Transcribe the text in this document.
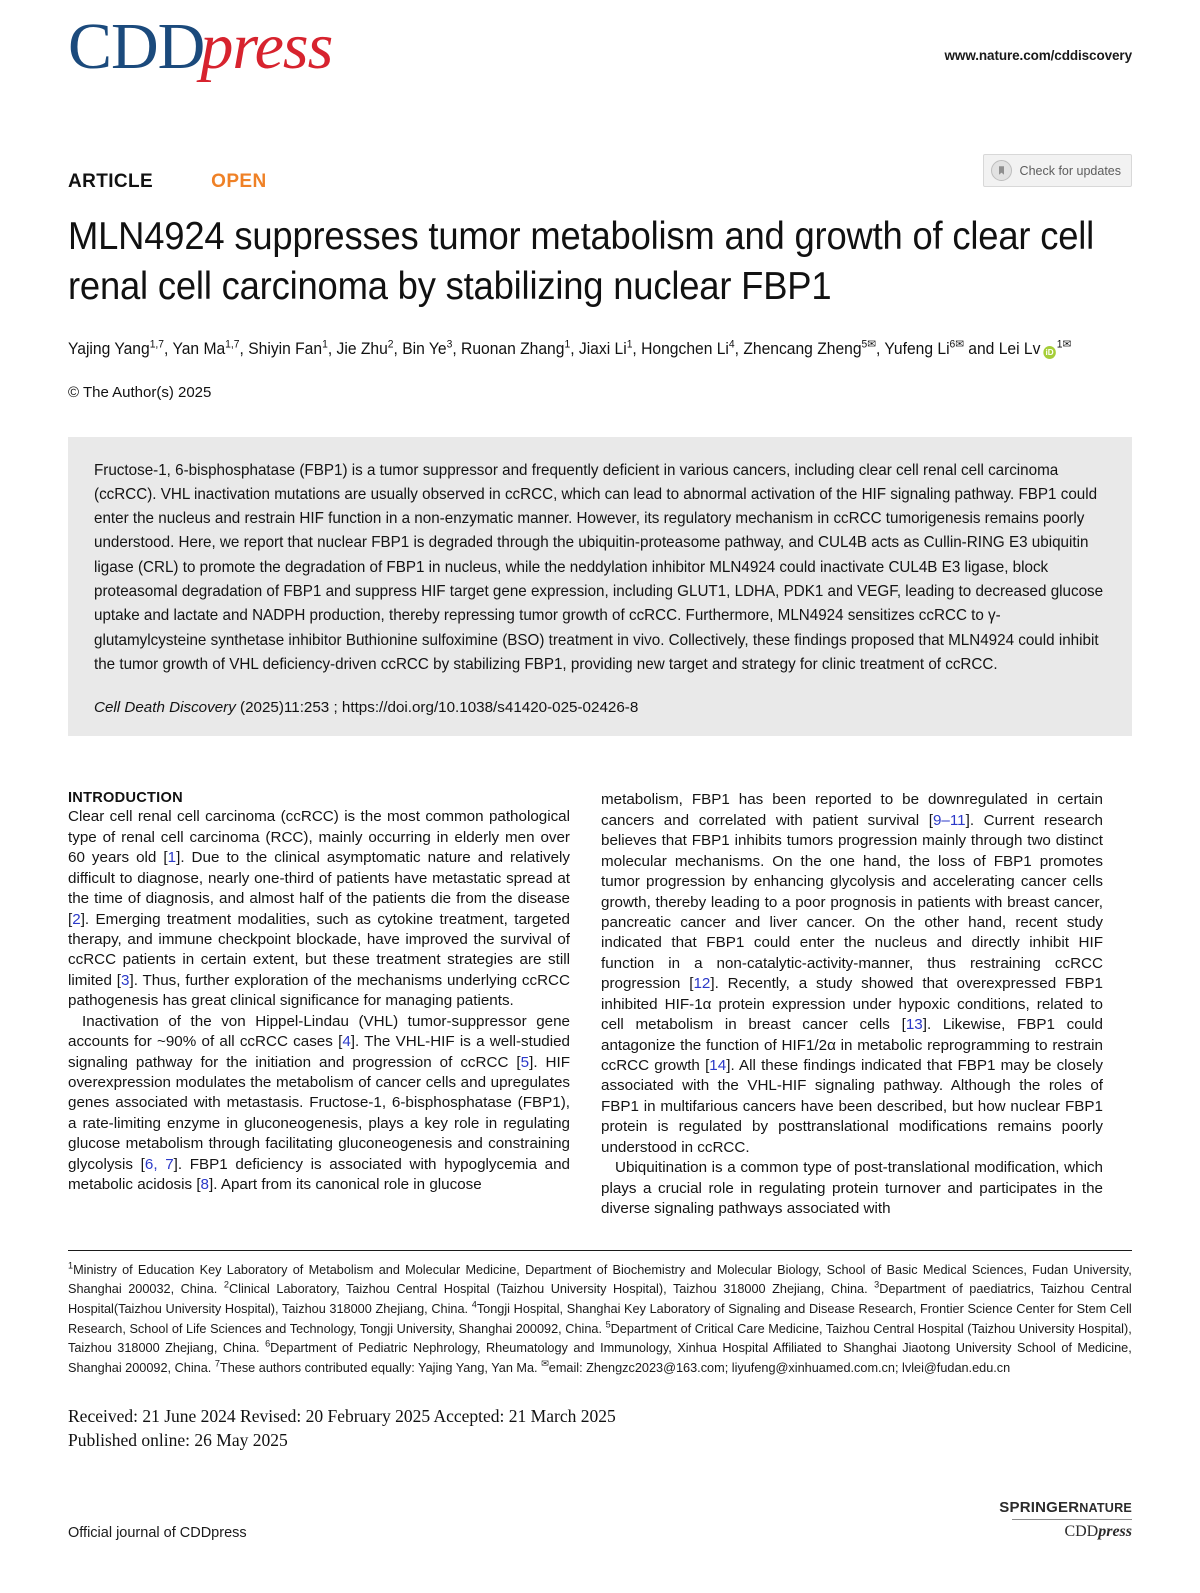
CDDpress	www.nature.com/cddiscovery
ARTICLE	OPEN
Check for updates
MLN4924 suppresses tumor metabolism and growth of clear cell renal cell carcinoma by stabilizing nuclear FBP1
Yajing Yang$^{1,7}$, Yan Ma$^{1,7}$, Shiyin Fan$^1$, Jie Zhu$^2$, Bin Ye$^3$, Ruonan Zhang$^1$, Jiaxi Li$^1$, Hongchen Li$^4$, Zhencang Zheng$^{5✉}$, Yufeng $Li^{6✉}$ and Lei Lv $iD^{1✉}$
© The Author(s) 2025
Fructose-1, 6-bisphosphatase (FBP1) is a tumor suppressor and frequently deficient in various cancers, including clear cell renal cell carcinoma (ccRCC). VHL inactivation mutations are usually observed in ccRCC, which can lead to abnormal activation of the HIF signaling pathway. FBP1 could enter the nucleus and restrain HIF function in a non-enzymatic manner. However, its regulatory mechanism in ccRCC tumorigenesis remains poorly understood. Here, we report that nuclear FBP1 is degraded through the ubiquitin-proteasome pathway, and CUL4B acts as Cullin-RING E3 ubiquitin ligase (CRL) to promote the degradation of FBP1 in nucleus, while the neddylation inhibitor MLN4924 could inactivate CUL4B E3 ligase, block proteasomal degradation of FBP1 and suppress HIF target gene expression, including GLUT1, LDHA, PDK1 and VEGF, leading to decreased glucose uptake and lactate and NADPH production, thereby repressing tumor growth of ccRCC. Furthermore, MLN4924 sensitizes ccRCC to γ-glutamylcysteine synthetase inhibitor Buthionine sulfoximine (BSO) treatment in vivo. Collectively, these findings proposed that MLN4924 could inhibit the tumor growth of VHL deficiency-driven ccRCC by stabilizing FBP1, providing new target and strategy for clinic treatment of ccRCC.
Cell Death Discovery (2025)11:253 ; https://doi.org/10.1038/s41420-025-02426-8
INTRODUCTION

Clear cell renal cell carcinoma (ccRCC) is the most common pathological type of renal cell carcinoma (RCC), mainly occurring in elderly men over 60 years old [1]. Due to the clinical asymptomatic nature and relatively difficult to diagnose, nearly one-third of patients have metastatic spread at the time of diagnosis, and almost half of the patients die from the disease [2]. Emerging treatment modalities, such as cytokine treatment, targeted therapy, and immune checkpoint blockade, have improved the survival of ccRCC patients in certain extent, but these treatment strategies are still limited [3]. Thus, further exploration of the mechanisms underlying ccRCC pathogenesis has great clinical significance for managing patients.

Inactivation of the von Hippel-Lindau (VHL) tumor-suppressor gene accounts for ~90% of all ccRCC cases [4]. The VHL-HIF is a well-studied signaling pathway for the initiation and progression of ccRCC [5]. HIF overexpression modulates the metabolism of cancer cells and upregulates genes associated with metastasis. Fructose-1, 6-bisphosphatase (FBP1), a rate-limiting enzyme in gluconeogenesis, plays a key role in regulating glucose metabolism through facilitating gluconeogenesis and constraining glycolysis [6, 7]. FBP1 deficiency is associated with hypoglycemia and metabolic acidosis [8]. Apart from its canonical role in glucose

metabolism, FBP1 has been reported to be downregulated in certain cancers and correlated with patient survival [9–11]. Current research believes that FBP1 inhibits tumors progression mainly through two distinct molecular mechanisms. On the one hand, the loss of FBP1 promotes tumor progression by enhancing glycolysis and accelerating cancer cells growth, thereby leading to a poor prognosis in patients with breast cancer, pancreatic cancer and liver cancer. On the other hand, recent study indicated that FBP1 could enter the nucleus and directly inhibit HIF function in a non-catalytic-activity-manner, thus restraining ccRCC progression [12]. Recently, a study showed that overexpressed FBP1 inhibited HIF-1α protein expression under hypoxic conditions, related to cell metabolism in breast cancer cells [13]. Likewise, FBP1 could antagonize the function of HIF1/2α in metabolic reprogramming to restrain ccRCC growth [14]. All these findings indicated that FBP1 may be closely associated with the VHL-HIF signaling pathway. Although the roles of FBP1 in multifarious cancers have been described, but how nuclear FBP1 protein is regulated by posttranslational modifications remains poorly understood in ccRCC.

Ubiquitination is a common type of post-translational modification, which plays a crucial role in regulating protein turnover and participates in the diverse signaling pathways associated with

$^1$Ministry of Education Key Laboratory of Metabolism and Molecular Medicine, Department of Biochemistry and Molecular Biology, School of Basic Medical Sciences, Fudan University, Shanghai 200032, China. $^2$Clinical Laboratory, Taizhou Central Hospital (Taizhou University Hospital), Taizhou 318000 Zhejiang, China. $^3$Department of paediatrics, Taizhou Central Hospital(Taizhou University Hospital), Taizhou 318000 Zhejiang, China. $^4$Tongji Hospital, Shanghai Key Laboratory of Signaling and Disease Research, Frontier Science Center for Stem Cell Research, School of Life Sciences and Technology, Tongji University, Shanghai 200092, China. $^5$Department of Critical Care Medicine, Taizhou Central Hospital (Taizhou University Hospital), Taizhou 318000 Zhejiang, China. $^6$Department of Pediatric Nephrology, Rheumatology and Immunology, Xinhua Hospital Affiliated to Shanghai Jiaotong University School of Medicine, Shanghai 200092, China. $^7$These authors contributed equally: Yajing Yang, Yan Ma. ✉email: Zhengzc2023@163.com; liyufeng@xinhuamed.com.cn; lvlei@fudan.edu.cn
Received: 21 June 2024 Revised: 20 February 2025 Accepted: 21 March 2025
Published online: 26 May 2025
Official journal of CDDpress
SPRINGERNATURE
CDDpress
